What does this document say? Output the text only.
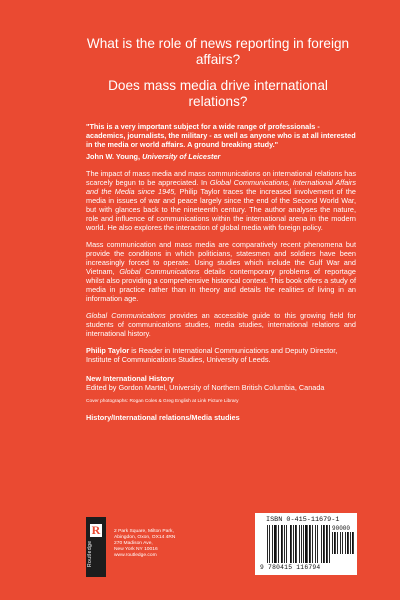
What is the role of news reporting in foreign affairs?
Does mass media drive international relations?
"This is a very important subject for a wide range of professionals - academics, journalists, the military - as well as anyone who is at all interested in the media or world affairs. A ground breaking study."
John W. Young, University of Leicester
The impact of mass media and mass communications on international relations has scarcely begun to be appreciated. In Global Communications, International Affairs and the Media since 1945, Philip Taylor traces the increased involvement of the media in issues of war and peace largely since the end of the Second World War, but with glances back to the nineteenth century. The author analyses the nature, role and influence of communications within the international arena in the modern world. He also explores the interaction of global media with foreign policy.
Mass communication and mass media are comparatively recent phenomena but provide the conditions in which politicians, statesmen and soldiers have been increasingly forced to operate. Using studies which include the Gulf War and Vietnam, Global Communications details contemporary problems of reportage whilst also providing a comprehensive historical context. This book offers a study of media in practice rather than in theory and details the realities of living in an information age.
Global Communications provides an accessible guide to this growing field for students of communications studies, media studies, international relations and international history.
Philip Taylor is Reader in International Communications and Deputy Director, Institute of Communications Studies, University of Leeds.
New International History
Edited by Gordon Martel, University of Northern British Columbia, Canada
Cover photographs: Rogan Coles & Greg English at Link Picture Library
History/International relations/Media studies
R
Routledge
2 Park Square, Milton Park,
Abingdon, Oxon, OX14 4RN
270 Madison Ave,
New York NY 10016
www.routledge.com
ISBN 0-415-11679-1
90000
9 780415 116794
